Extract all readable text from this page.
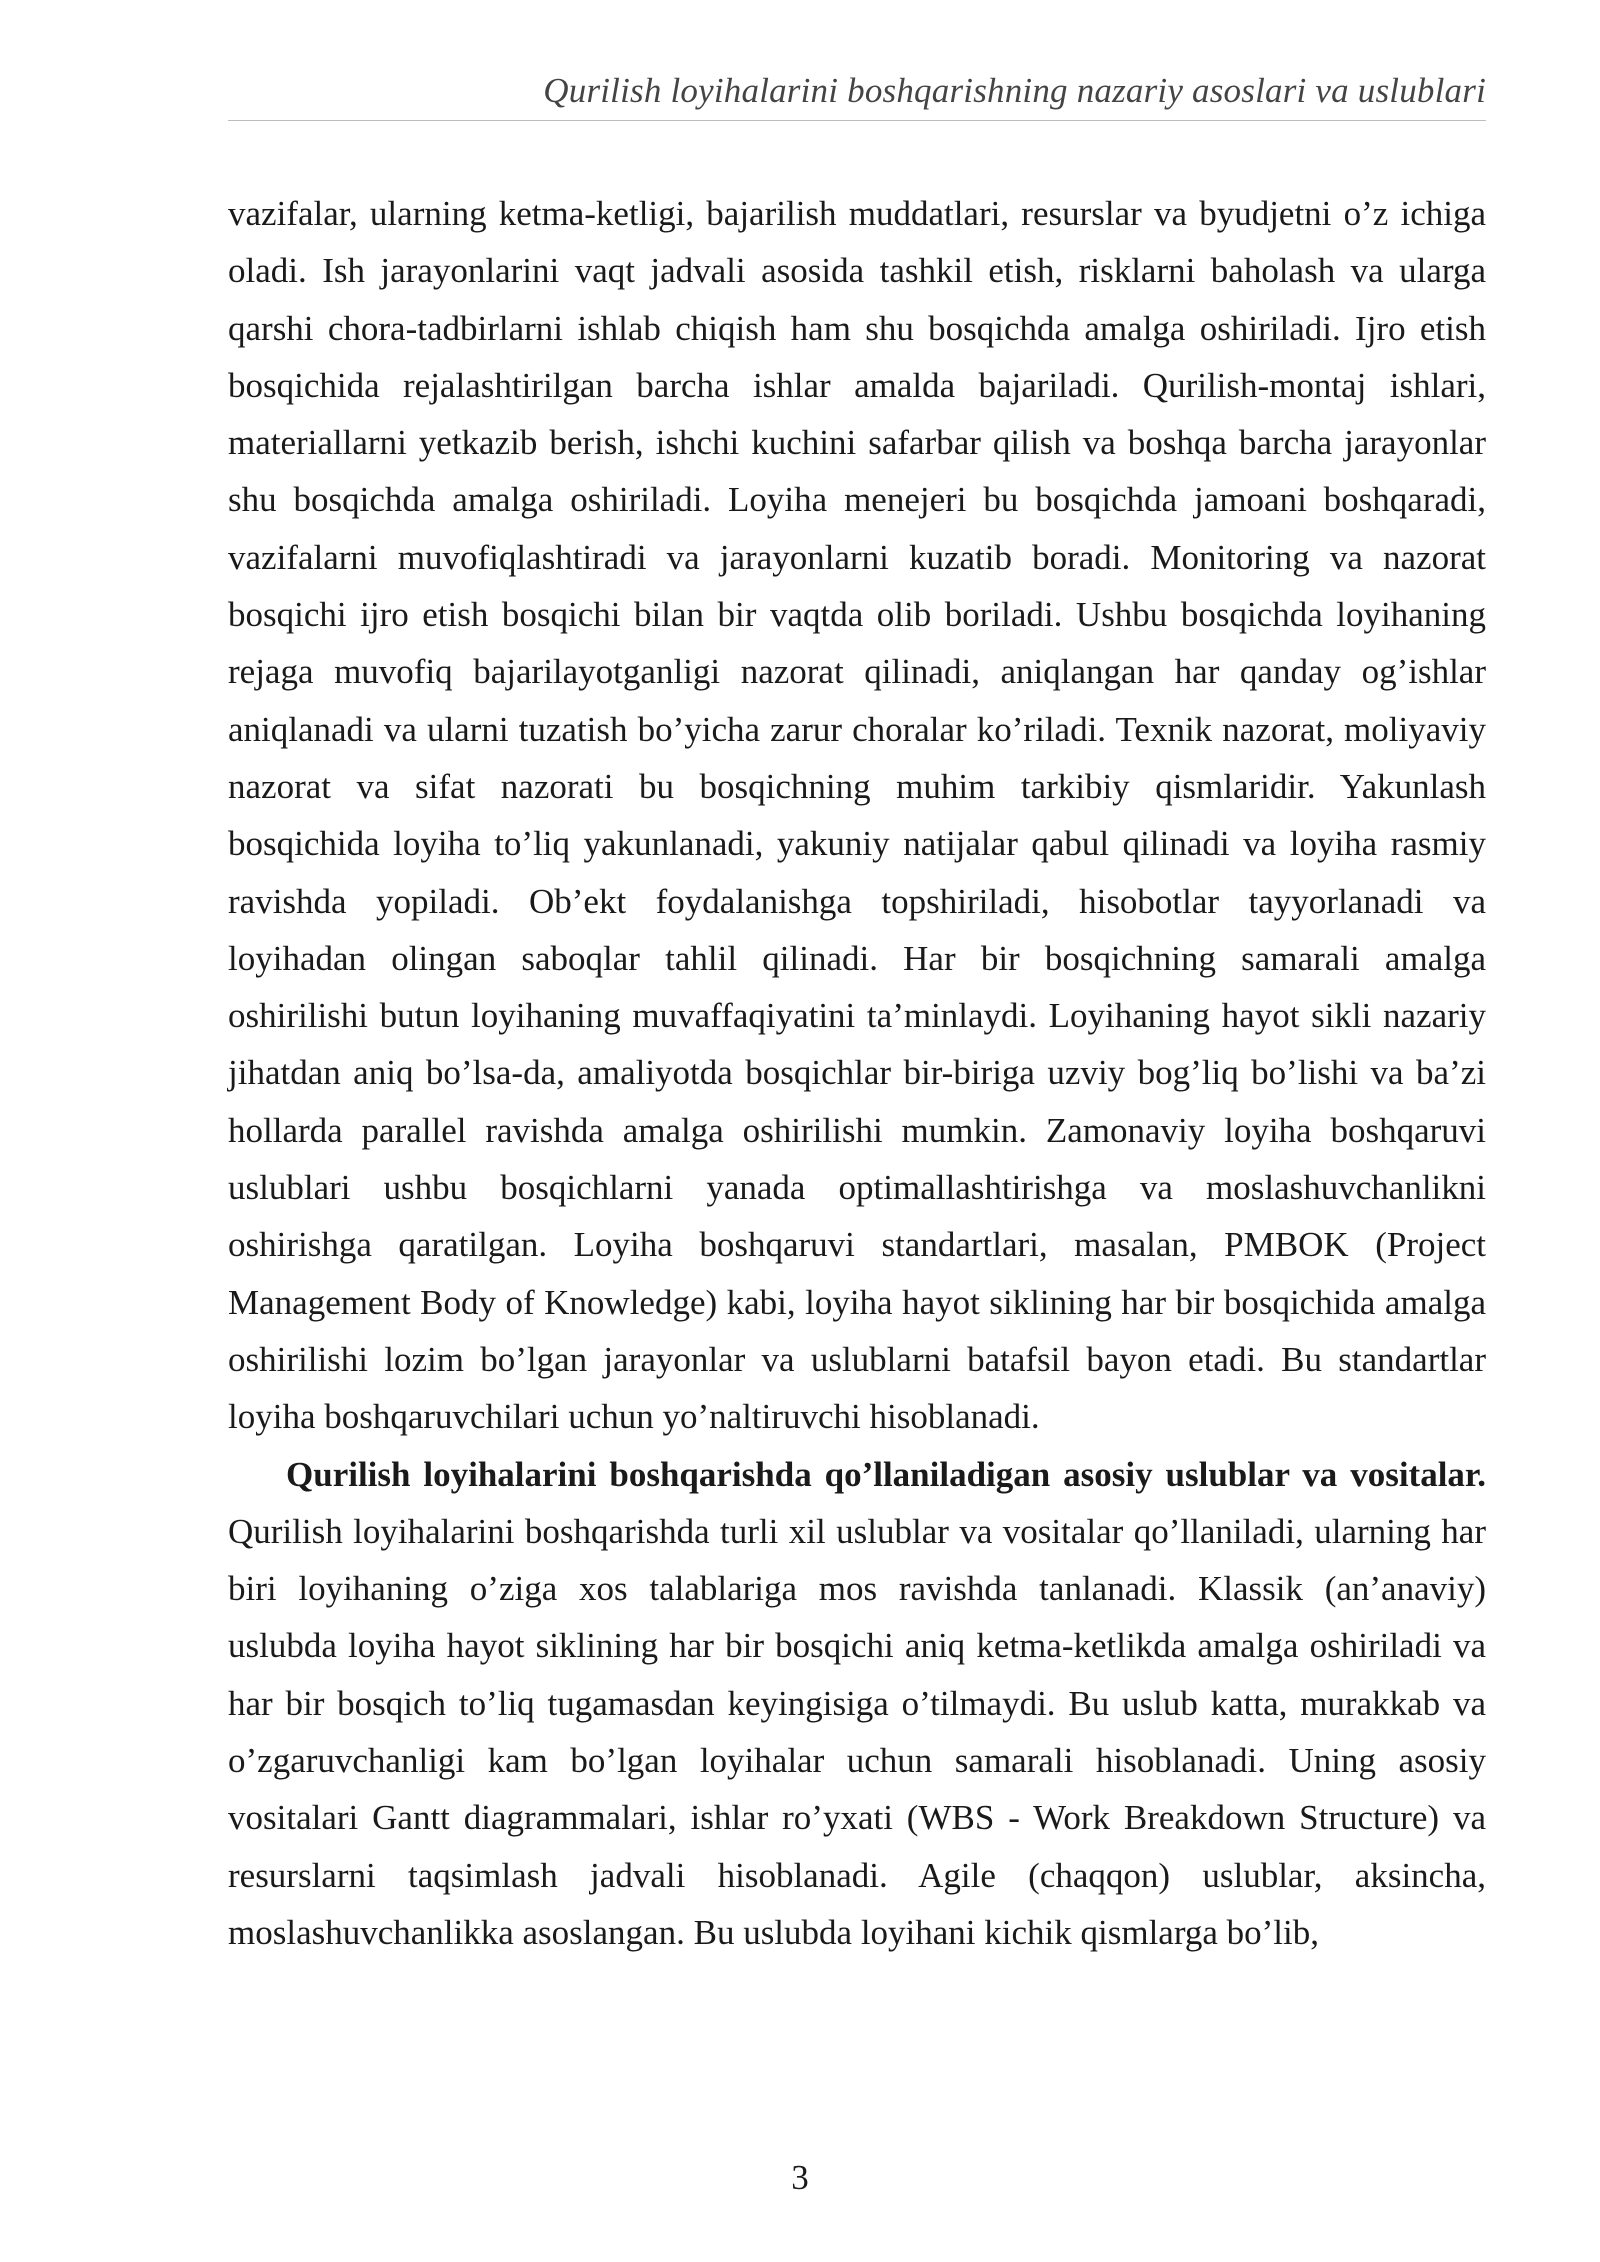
Qurilish loyihalarini boshqarishning nazariy asoslari va uslublari

vazifalar, ularning ketma-ketligi, bajarilish muddatlari, resurslar va byudjetni o’z ichiga oladi. Ish jarayonlarini vaqt jadvali asosida tashkil etish, risklarni baholash va ularga qarshi chora-tadbirlarni ishlab chiqish ham shu bosqichda amalga oshiriladi. Ijro etish bosqichida rejalashtirilgan barcha ishlar amalda bajariladi. Qurilish-montaj ishlari, materiallarni yetkazib berish, ishchi kuchini safarbar qilish va boshqa barcha jarayonlar shu bosqichda amalga oshiriladi. Loyiha menejeri bu bosqichda jamoani boshqaradi, vazifalarni muvofiqlashtiradi va jarayonlarni kuzatib boradi. Monitoring va nazorat bosqichi ijro etish bosqichi bilan bir vaqtda olib boriladi. Ushbu bosqichda loyihaning rejaga muvofiq bajarilayotganligi nazorat qilinadi, aniqlangan har qanday og’ishlar aniqlanadi va ularni tuzatish bo’yicha zarur choralar ko’riladi. Texnik nazorat, moliyaviy nazorat va sifat nazorati bu bosqichning muhim tarkibiy qismlaridir. Yakunlash bosqichida loyiha to’liq yakunlanadi, yakuniy natijalar qabul qilinadi va loyiha rasmiy ravishda yopiladi. Ob’ekt foydalanishga topshiriladi, hisobotlar tayyorlanadi va loyihadan olingan saboqlar tahlil qilinadi. Har bir bosqichning samarali amalga oshirilishi butun loyihaning muvaffaqiyatini ta’minlaydi. Loyihaning hayot sikli nazariy jihatdan aniq bo’lsa-da, amaliyotda bosqichlar bir-biriga uzviy bog’liq bo’lishi va ba’zi hollarda parallel ravishda amalga oshirilishi mumkin. Zamonaviy loyiha boshqaruvi uslublari ushbu bosqichlarni yanada optimallashtirishga va moslashuvchanlikni oshirishga qaratilgan. Loyiha boshqaruvi standartlari, masalan, PMBOK (Project Management Body of Knowledge) kabi, loyiha hayot siklining har bir bosqichida amalga oshirilishi lozim bo’lgan jarayonlar va uslublarni batafsil bayon etadi. Bu standartlar loyiha boshqaruvchilari uchun yo’naltiruvchi hisoblanadi.

Qurilish loyihalarini boshqarishda qo’llaniladigan asosiy uslublar va vositalar. Qurilish loyihalarini boshqarishda turli xil uslublar va vositalar qo’llaniladi, ularning har biri loyihaning o’ziga xos talablariga mos ravishda tanlanadi. Klassik (an’anaviy) uslubda loyiha hayot siklining har bir bosqichi aniq ketma-ketlikda amalga oshiriladi va har bir bosqich to’liq tugamasdan keyingisiga o’tilmaydi. Bu uslub katta, murakkab va o’zgaruvchanligi kam bo’lgan loyihalar uchun samarali hisoblanadi. Uning asosiy vositalari Gantt diagrammalari, ishlar ro’yxati (WBS - Work Breakdown Structure) va resurslarni taqsimlash jadvali hisoblanadi. Agile (chaqqon) uslublar, aksincha, moslashuvchanlikka asoslangan. Bu uslubda loyihani kichik qismlarga bo’lib,

3
